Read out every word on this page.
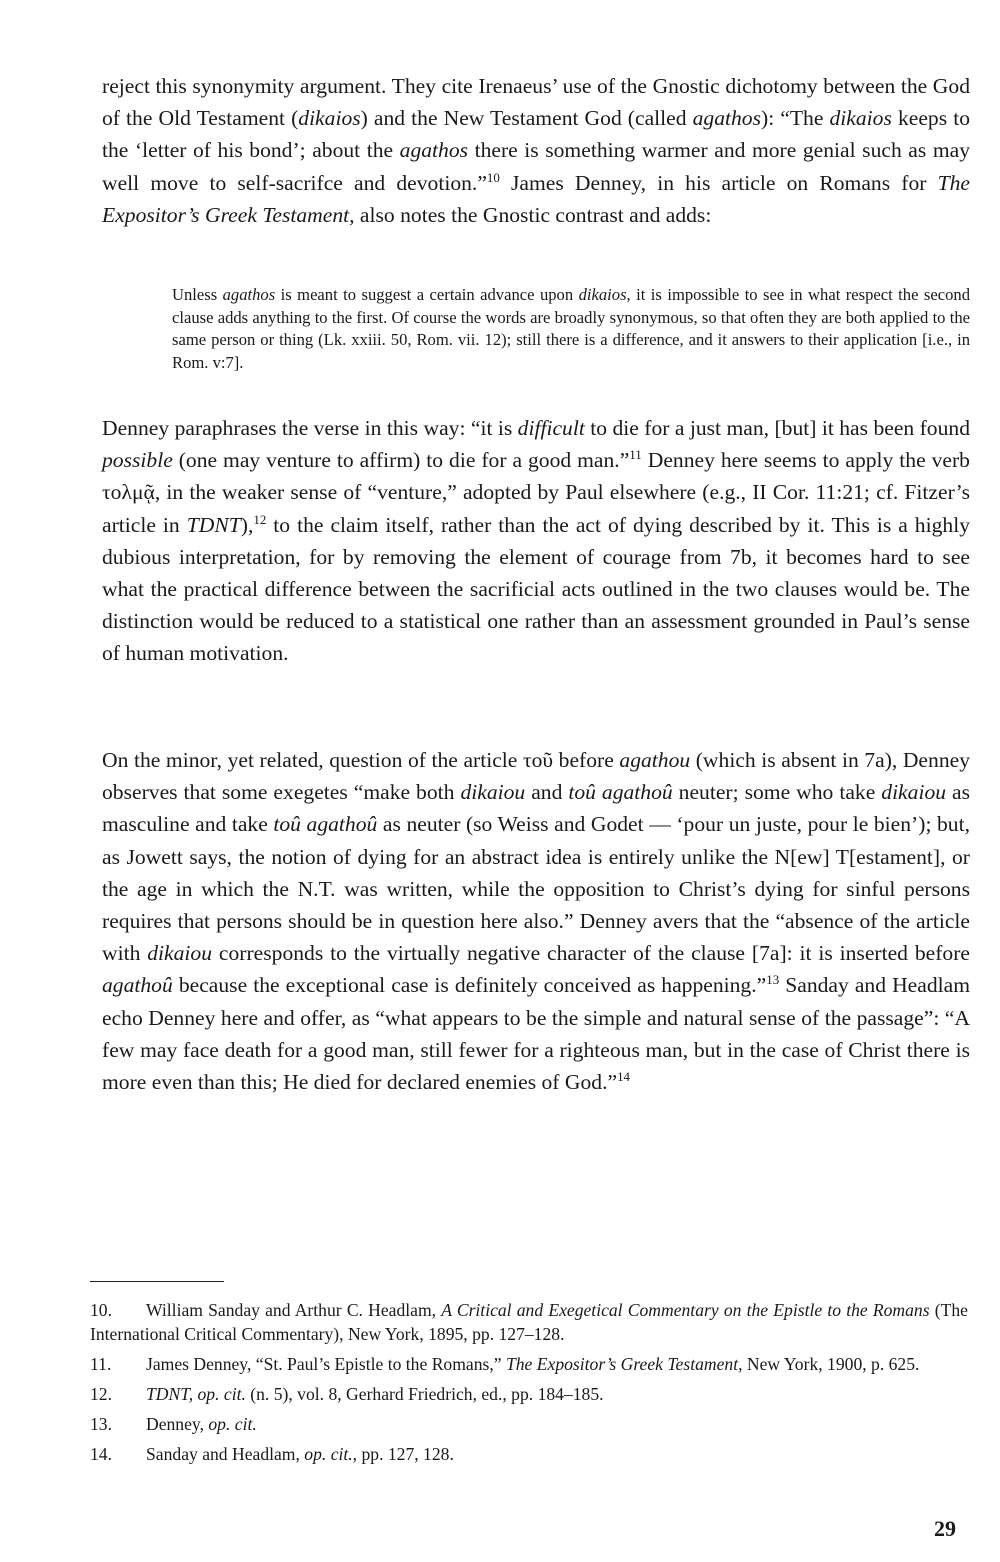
reject this synonymity argument. They cite Irenaeus’ use of the Gnostic dichotomy between the God of the Old Testament (dikaios) and the New Testament God (called agathos): “The dikaios keeps to the ‘letter of his bond’; about the agathos there is something warmer and more genial such as may well move to self-sacrifce and devotion.”$^{10}$ James Denney, in his article on Romans for The Expositor’s Greek Testament, also notes the Gnostic contrast and adds:

Unless agathos is meant to suggest a certain advance upon dikaios, it is impossible to see in what respect the second clause adds anything to the first. Of course the words are broadly synonymous, so that often they are both applied to the same person or thing (Lk. xxiii. 50, Rom. vii. 12); still there is a difference, and it answers to their application [i.e., in Rom. v:7].

Denney paraphrases the verse in this way: “it is difficult to die for a just man, [but] it has been found possible (one may venture to affirm) to die for a good man.”$^{11}$ Denney here seems to apply the verb τολμᾷ, in the weaker sense of “venture,” adopted by Paul elsewhere (e.g., II Cor. 11:21; cf. Fitzer’s article in TDNT),$^{12}$ to the claim itself, rather than the act of dying described by it. This is a highly dubious interpretation, for by removing the element of courage from 7b, it becomes hard to see what the practical difference between the sacrificial acts outlined in the two clauses would be. The distinction would be reduced to a statistical one rather than an assessment grounded in Paul’s sense of human motivation.

On the minor, yet related, question of the article τοῦ before agathou (which is absent in 7a), Denney observes that some exegetes “make both dikaiou and toû agathoû neuter; some who take dikaiou as masculine and take toû agathoû as neuter (so Weiss and Godet — ‘pour un juste, pour le bien’); but, as Jowett says, the notion of dying for an abstract idea is entirely unlike the N[ew] T[estament], or the age in which the N.T. was written, while the opposition to Christ’s dying for sinful persons requires that persons should be in question here also.” Denney avers that the “absence of the article with dikaiou corresponds to the virtually negative character of the clause [7a]: it is inserted before agathoû because the exceptional case is definitely conceived as happening.”$^{13}$ Sanday and Headlam echo Denney here and offer, as “what appears to be the simple and natural sense of the passage”: “A few may face death for a good man, still fewer for a righteous man, but in the case of Christ there is more even than this; He died for declared enemies of God.”$^{14}$

10. William Sanday and Arthur C. Headlam, A Critical and Exegetical Commentary on the Epistle to the Romans (The International Critical Commentary), New York, 1895, pp. 127–128.

11. James Denney, “St. Paul’s Epistle to the Romans,” The Expositor’s Greek Testament, New York, 1900, p. 625.

12. TDNT, op. cit. (n. 5), vol. 8, Gerhard Friedrich, ed., pp. 184–185.

13. Denney, op. cit.

14. Sanday and Headlam, op. cit., pp. 127, 128.

29
